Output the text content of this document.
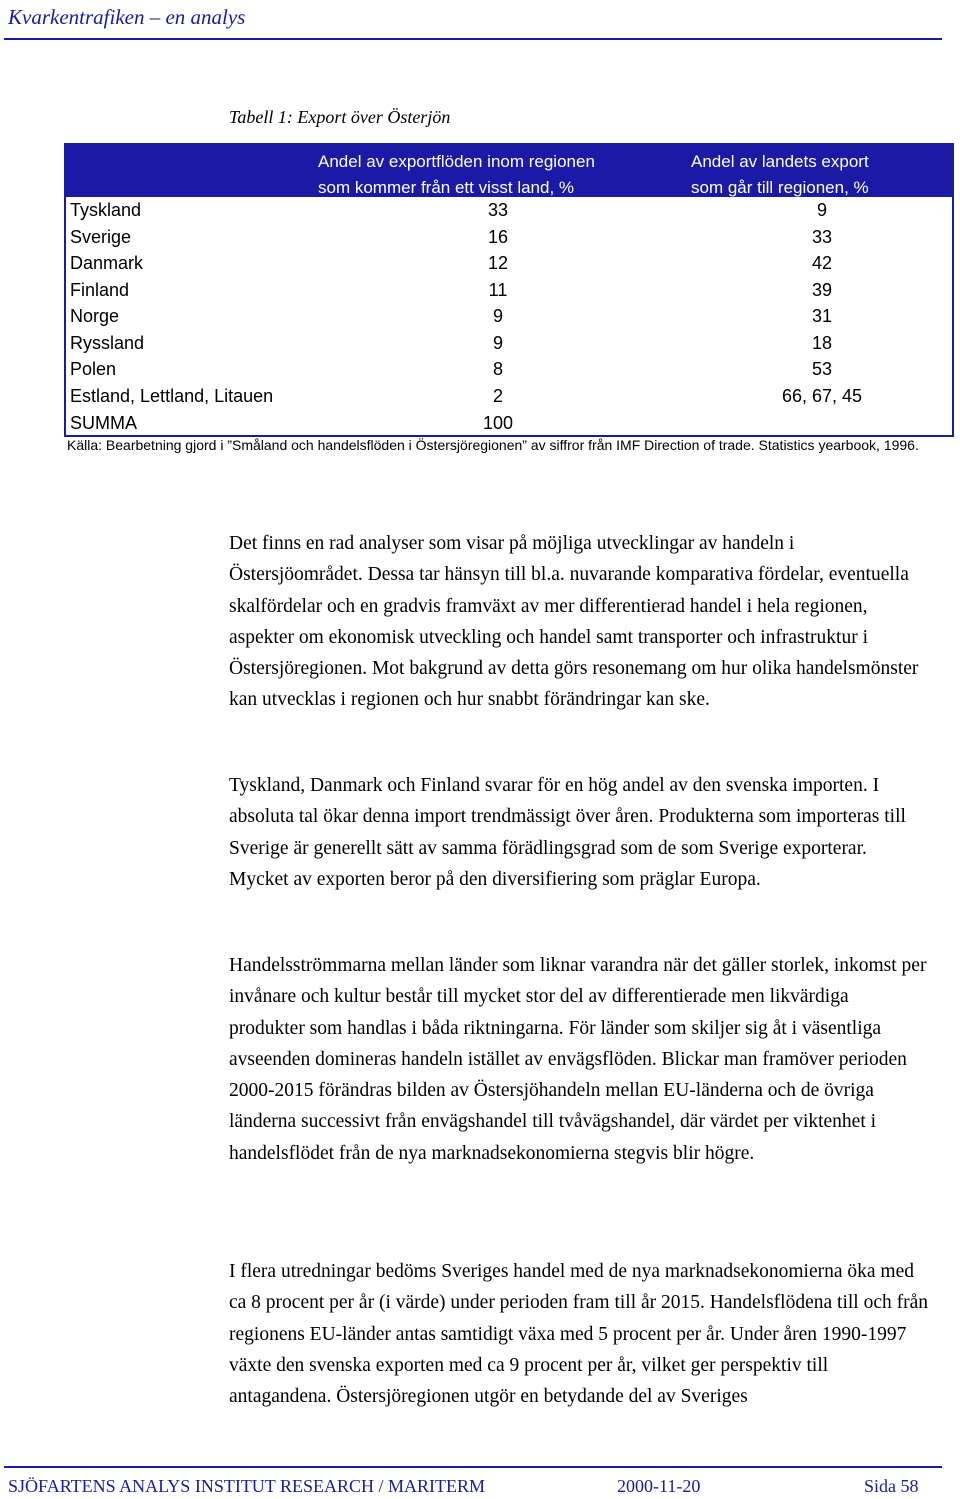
Kvarkentrafiken – en analys
Tabell 1: Export över Österjön
Andel av exportflöden inom regionen
som kommer från ett visst land, %
Andel av landets export
som går till regionen, %
Tyskland	33	9
Sverige	16	33
Danmark	12	42
Finland	11	39
Norge	9	31
Ryssland	9	18
Polen	8	53
Estland, Lettland, Litauen	2	66, 67, 45
SUMMA	100

Källa: Bearbetning gjord i ”Småland och handelsflöden i Östersjöregionen” av siffror från IMF Direction of trade. Statistics yearbook, 1996.

Det finns en rad analyser som visar på möjliga utvecklingar av handeln i Östersjöområdet. Dessa tar hänsyn till bl.a. nuvarande komparativa fördelar, eventuella skalfördelar och en gradvis framväxt av mer differentierad handel i hela regionen, aspekter om ekonomisk utveckling och handel samt transporter och infrastruktur i Östersjöregionen. Mot bakgrund av detta görs resonemang om hur olika handelsmönster kan utvecklas i regionen och hur snabbt förändringar kan ske.

Tyskland, Danmark och Finland svarar för en hög andel av den svenska importen. I absoluta tal ökar denna import trendmässigt över åren. Produkterna som importeras till Sverige är generellt sätt av samma förädlingsgrad som de som Sverige exporterar. Mycket av exporten beror på den diversifiering som präglar Europa.

Handelsströmmarna mellan länder som liknar varandra när det gäller storlek, inkomst per invånare och kultur består till mycket stor del av differentierade men likvärdiga produkter som handlas i båda riktningarna. För länder som skiljer sig åt i väsentliga avseenden domineras handeln istället av envägsflöden. Blickar man framöver perioden 2000-2015 förändras bilden av Östersjöhandeln mellan EU-länderna och de övriga länderna successivt från envägshandel till tvåvägshandel, där värdet per viktenhet i handelsflödet från de nya marknadsekonomierna stegvis blir högre.

I flera utredningar bedöms Sveriges handel med de nya marknadsekonomierna öka med ca 8 procent per år (i värde) under perioden fram till år 2015. Handelsflödena till och från regionens EU-länder antas samtidigt växa med 5 procent per år. Under åren 1990-1997 växte den svenska exporten med ca 9 procent per år, vilket ger perspektiv till antagandena. Östersjöregionen utgör en betydande del av Sveriges

SJÖFARTENS ANALYS INSTITUT RESEARCH / MARITERM	2000-11-20	Sida 58
